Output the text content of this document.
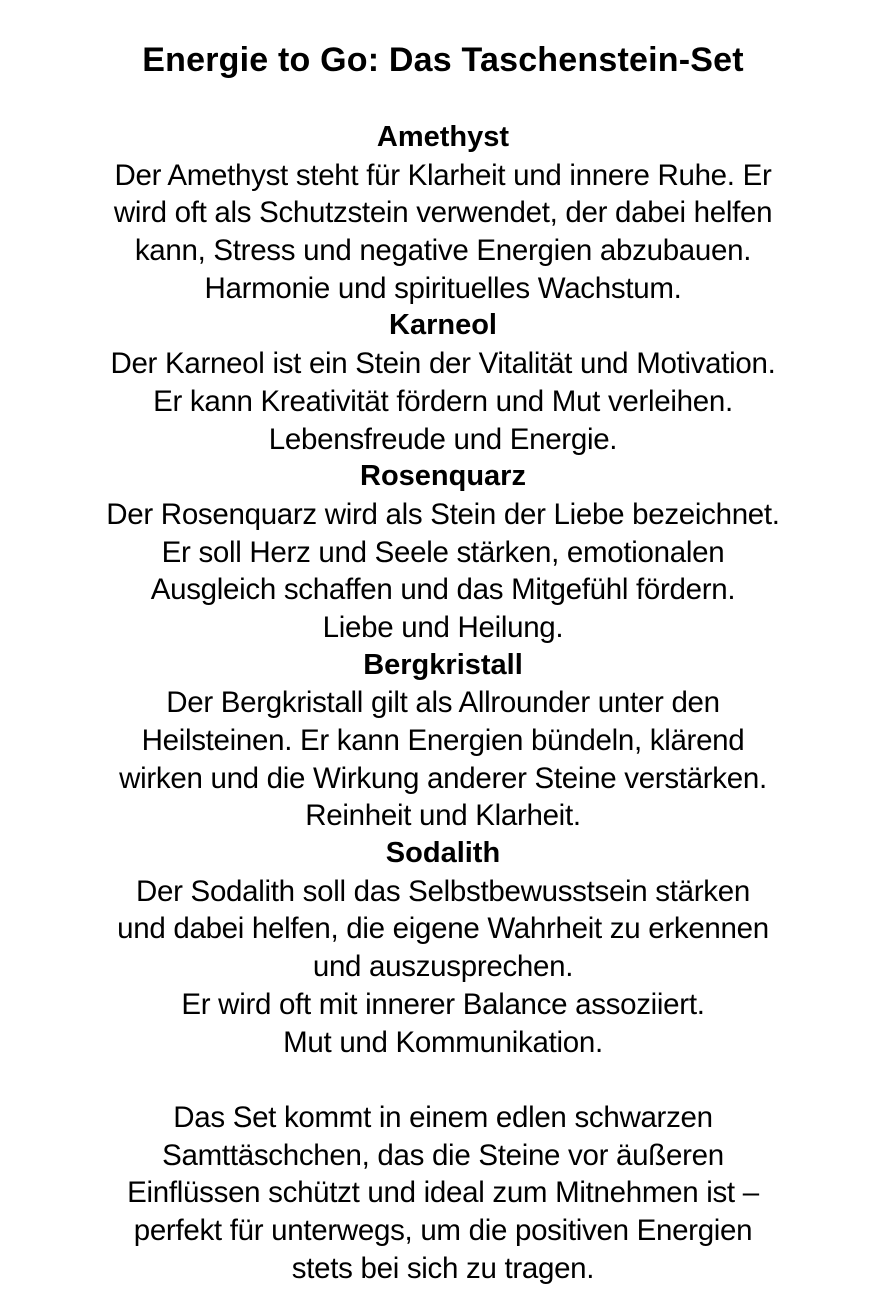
Energie to Go: Das Taschenstein-Set
Amethyst
Der Amethyst steht für Klarheit und innere Ruhe. Er
wird oft als Schutzstein verwendet, der dabei helfen
kann, Stress und negative Energien abzubauen.
Harmonie und spirituelles Wachstum.
Karneol
Der Karneol ist ein Stein der Vitalität und Motivation.
Er kann Kreativität fördern und Mut verleihen.
Lebensfreude und Energie.
Rosenquarz
Der Rosenquarz wird als Stein der Liebe bezeichnet.
Er soll Herz und Seele stärken, emotionalen
Ausgleich schaffen und das Mitgefühl fördern.
Liebe und Heilung.
Bergkristall
Der Bergkristall gilt als Allrounder unter den
Heilsteinen. Er kann Energien bündeln, klärend
wirken und die Wirkung anderer Steine verstärken.
Reinheit und Klarheit.
Sodalith
Der Sodalith soll das Selbstbewusstsein stärken
und dabei helfen, die eigene Wahrheit zu erkennen
und auszusprechen.
Er wird oft mit innerer Balance assoziiert.
Mut und Kommunikation.
Das Set kommt in einem edlen schwarzen
Samttäschchen, das die Steine vor äußeren
Einflüssen schützt und ideal zum Mitnehmen ist –
perfekt für unterwegs, um die positiven Energien
stets bei sich zu tragen.
